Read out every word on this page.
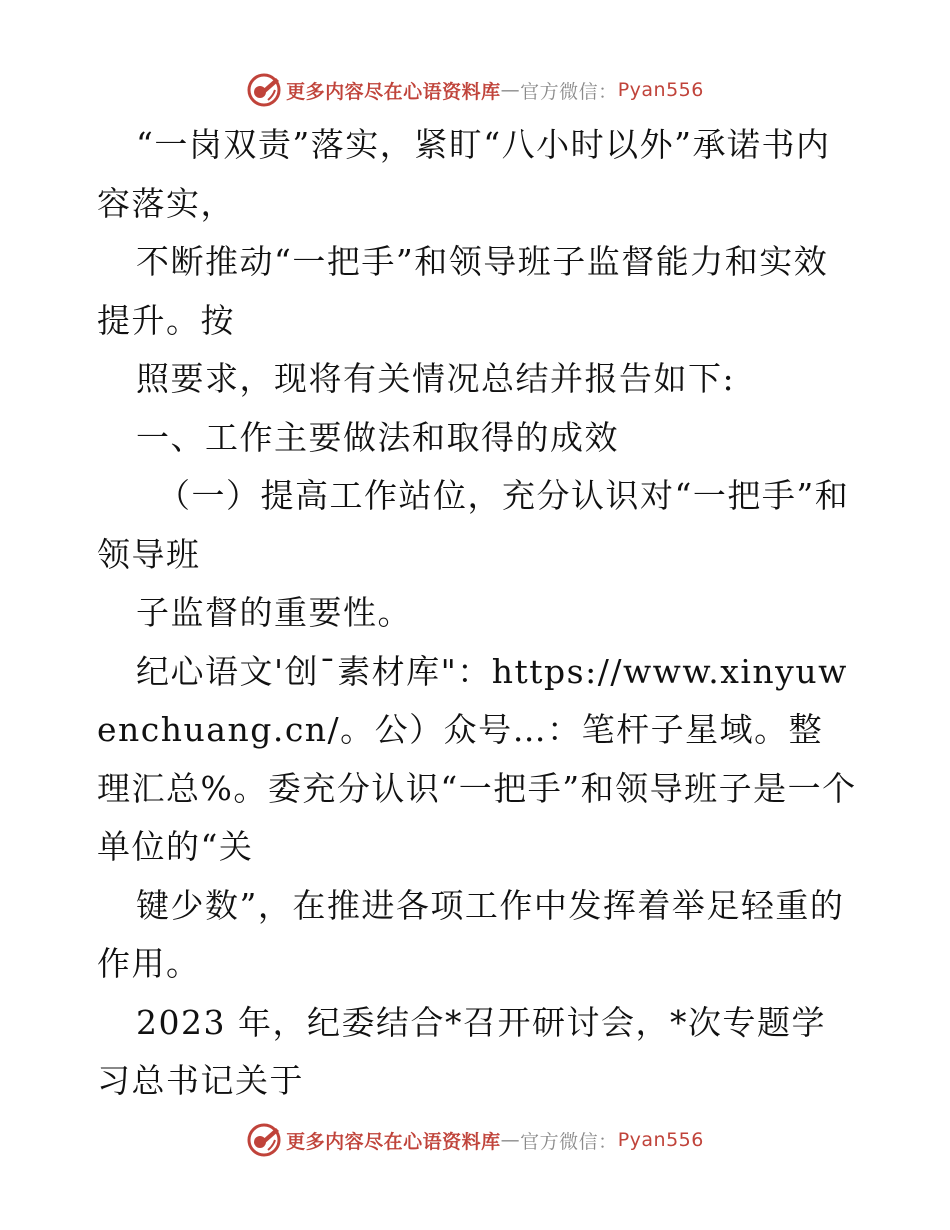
更多内容尽在心语资料库 — 官方微信： Pyan556

“一岗双责”落实，紧盯“八小时以外”承诺书内容落实，

不断推动“一把手”和领导班子监督能力和实效提升。按

照要求，现将有关情况总结并报告如下:

一、工作主要做法和取得的成效

（一）提高工作站位，充分认识对“一把手”和领导班

子监督的重要性。

纪心语文'创¯素材库"：https://www.xinyuwenchuang.cn/。公）众号…：笔杆子星域。整理汇总%。委充分认识“一把手”和领导班子是一个单位的“关

键少数”，在推进各项工作中发挥着举足轻重的作用。

2023 年，纪委结合*召开研讨会，*次专题学习总书记关于

更多内容尽在心语资料库 — 官方微信： Pyan556
